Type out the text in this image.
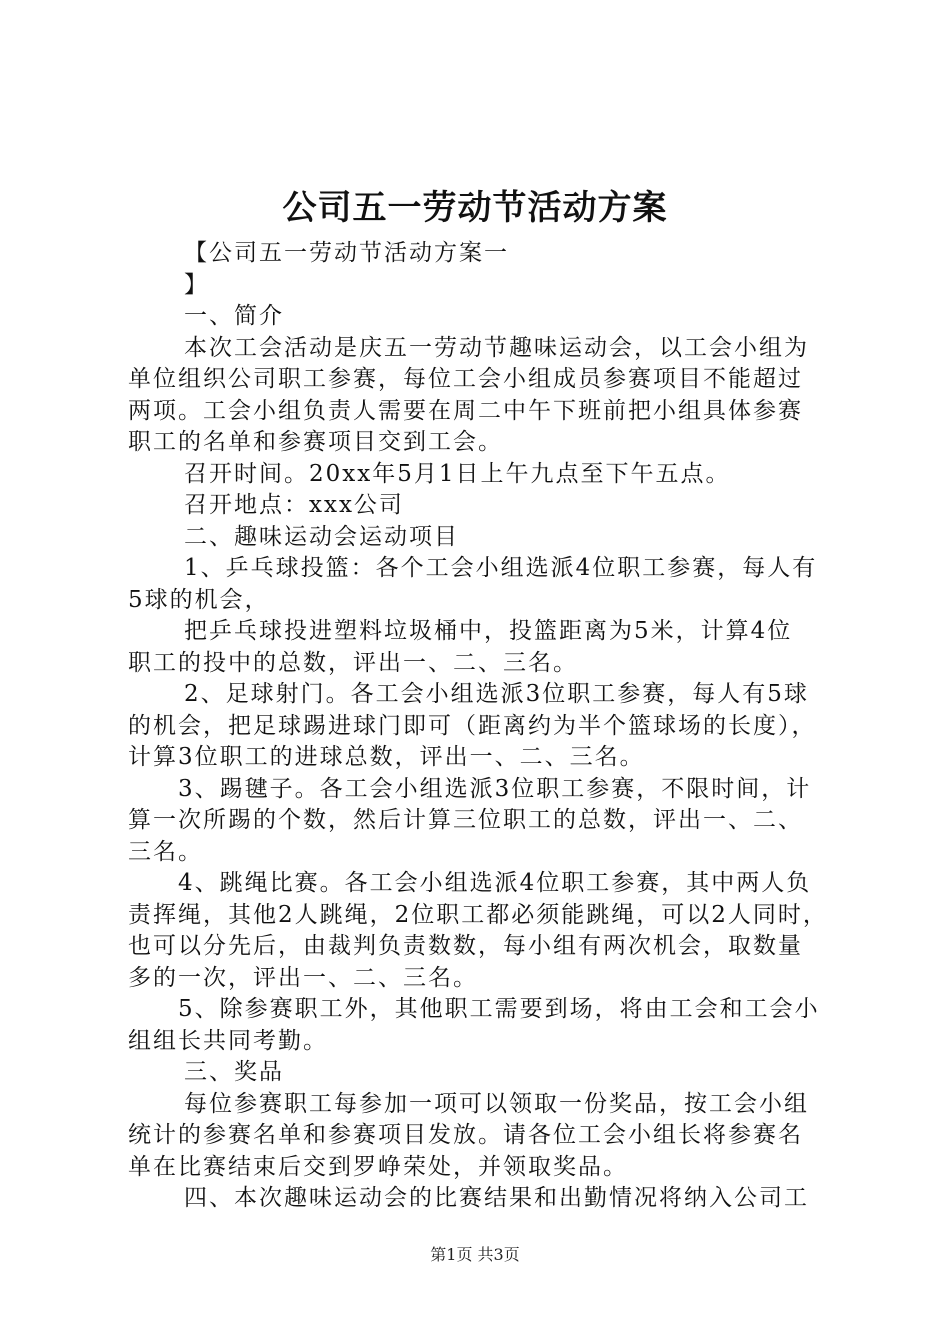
公司五一劳动节活动方案

【公司五一劳动节活动方案一

】

一、简介

本次工会活动是庆五一劳动节趣味运动会，以工会小组为

单位组织公司职工参赛，每位工会小组成员参赛项目不能超过

两项。工会小组负责人需要在周二中午下班前把小组具体参赛

职工的名单和参赛项目交到工会。

召开时间。20xx年5月1日上午九点至下午五点。

召开地点：xxx公司

二、趣味运动会运动项目

1、乒乓球投篮：各个工会小组选派4位职工参赛，每人有

5球的机会，

把乒乓球投进塑料垃圾桶中，投篮距离为5米，计算4位

职工的投中的总数，评出一、二、三名。

2、足球射门。各工会小组选派3位职工参赛，每人有5球

的机会，把足球踢进球门即可（距离约为半个篮球场的长度），

计算3位职工的进球总数，评出一、二、三名。

3、踢毽子。各工会小组选派3位职工参赛，不限时间，计

算一次所踢的个数，然后计算三位职工的总数，评出一、二、

三名。

4、跳绳比赛。各工会小组选派4位职工参赛，其中两人负

责挥绳，其他2人跳绳，2位职工都必须能跳绳，可以2人同时，

也可以分先后，由裁判负责数数，每小组有两次机会，取数量

多的一次，评出一、二、三名。

5、除参赛职工外，其他职工需要到场，将由工会和工会小

组组长共同考勤。

三、奖品

每位参赛职工每参加一项可以领取一份奖品，按工会小组

统计的参赛名单和参赛项目发放。请各位工会小组长将参赛名

单在比赛结束后交到罗峥荣处，并领取奖品。

四、本次趣味运动会的比赛结果和出勤情况将纳入公司工

第1页 共3页
